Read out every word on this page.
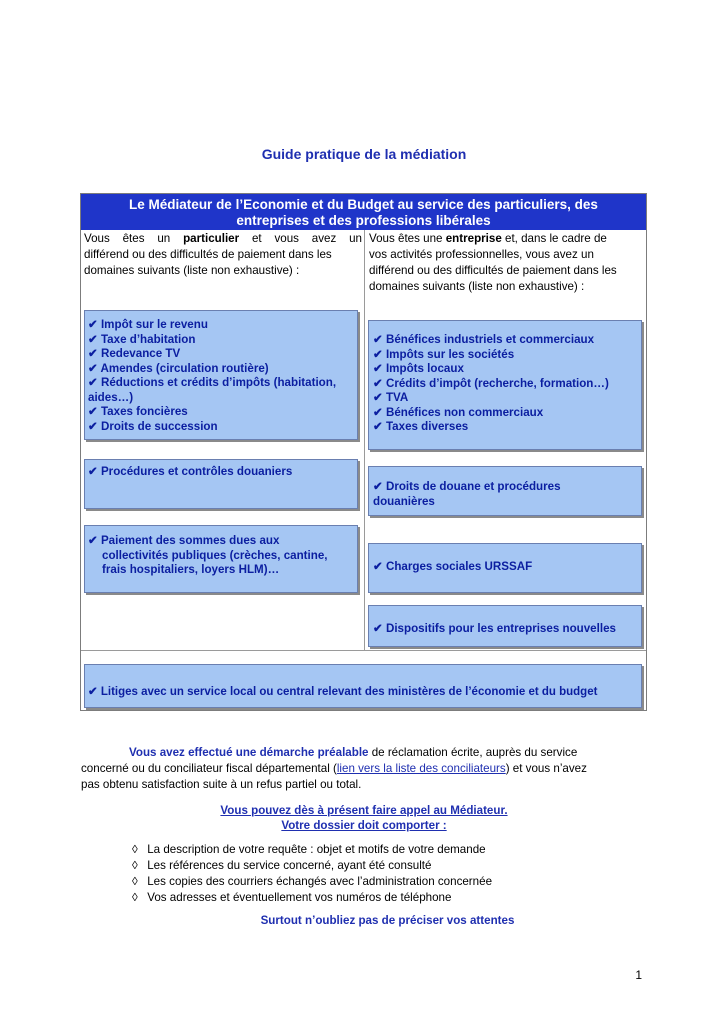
Guide pratique de la médiation
Le Médiateur de l’Economie et du Budget au service des particuliers, des
entreprises et des professions libérales
Vous êtes un particulier et vous avez un
différend ou des difficultés de paiement dans les
domaines suivants (liste non exhaustive) :
Vous êtes une entreprise et, dans le cadre de
vos activités professionnelles, vous avez un
différend ou des difficultés de paiement dans les
domaines suivants (liste non exhaustive) :
✔ Impôt sur le revenu
✔ Taxe d’habitation
✔ Redevance TV
✔ Amendes (circulation routière)
✔ Réductions et crédits d’impôts (habitation,
aides…)
✔ Taxes foncières
✔ Droits de succession
✔ Bénéfices industriels et commerciaux
✔ Impôts sur les sociétés
✔ Impôts locaux
✔ Crédits d’impôt (recherche, formation…)
✔ TVA
✔ Bénéfices non commerciaux
✔ Taxes diverses
✔ Procédures et contrôles douaniers
✔ Droits de douane et procédures
douanières
✔ Paiement des sommes dues aux
collectivités publiques (crèches, cantine,
frais hospitaliers, loyers HLM)…	✔ Charges sociales URSSAF
✔ Dispositifs pour les entreprises nouvelles
✔ Litiges avec un service local ou central relevant des ministères de l’économie et du budget
Vous avez effectué une démarche préalable de réclamation écrite, auprès du service
concerné ou du conciliateur fiscal départemental (lien vers la liste des conciliateurs) et vous n’avez
pas obtenu satisfaction suite à un refus partiel ou total.
Vous pouvez dès à présent faire appel au Médiateur.
Votre dossier doit comporter :
◊ La description de votre requête : objet et motifs de votre demande
◊ Les références du service concerné, ayant été consulté
◊ Les copies des courriers échangés avec l’administration concernée
◊ Vos adresses et éventuellement vos numéros de téléphone
Surtout n’oubliez pas de préciser vos attentes
1
